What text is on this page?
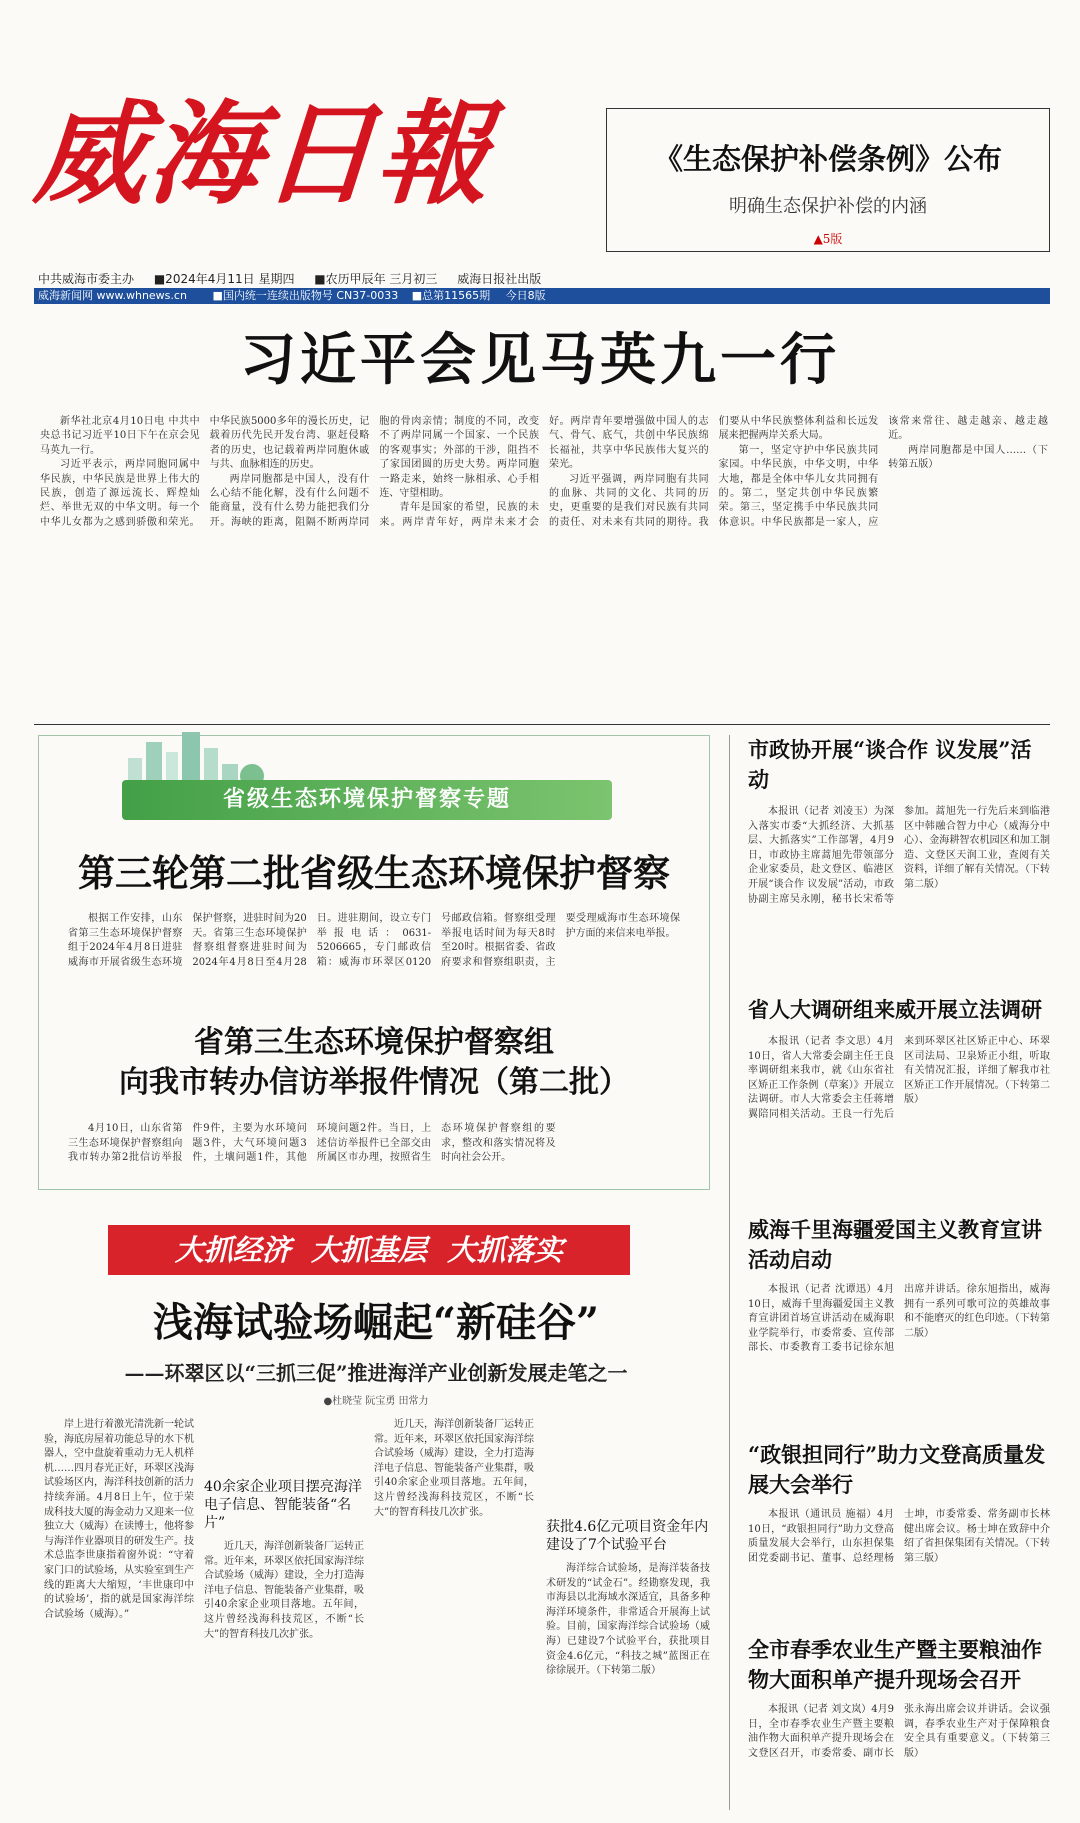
威海日報	《生态保护补偿条例》公布
明确生态保护补偿的内涵
▲5版
中共威海市委主办 ■2024年4月11日 星期四 ■农历甲辰年 三月初三 威海日报社出版
威海新闻网 www.whnews.cn ■国内统一连续出版物号 CN37-0033 ■总第11565期 今日8版
习近平会见马英九一行

新华社北京4月10日电 中共中央总书记习近平10日下午在京会见马英九一行。

习近平表示，两岸同胞同属中华民族，中华民族是世界上伟大的民族，创造了源远流长、辉煌灿烂、举世无双的中华文明。每一个中华儿女都为之感到骄傲和荣光。中华民族5000多年的漫长历史，记载着历代先民开发台湾、驱赶侵略者的历史，也记载着两岸同胞休戚与共、血脉相连的历史。

两岸同胞都是中国人，没有什么心结不能化解，没有什么问题不能商量，没有什么势力能把我们分开。海峡的距离，阻隔不断两岸同胞的骨肉亲情；制度的不同，改变不了两岸同属一个国家、一个民族的客观事实；外部的干涉，阻挡不了家国团圆的历史大势。两岸同胞一路走来，始终一脉相承、心手相连、守望相助。

青年是国家的希望，民族的未来。两岸青年好，两岸未来才会好。两岸青年要增强做中国人的志气、骨气、底气，共创中华民族绵长福祉，共享中华民族伟大复兴的荣光。

习近平强调，两岸同胞有共同的血脉、共同的文化、共同的历史，更重要的是我们对民族有共同的责任、对未来有共同的期待。我们要从中华民族整体利益和长远发展来把握两岸关系大局。

第一，坚定守护中华民族共同家园。中华民族，中华文明，中华大地，都是全体中华儿女共同拥有的。第二，坚定共创中华民族繁荣。第三，坚定携手中华民族共同体意识。中华民族都是一家人，应该常来常往、越走越亲、越走越近。

两岸同胞都是中国人……（下转第五版）

省级生态环境保护督察专题
第三轮第二批省级生态环境保护督察
根据工作安排，山东省第三生态环境保护督察组于2024年4月8日进驻威海市开展省级生态环境保护督察，进驻时间为20天。省第三生态环境保护督察组督察进驻时间为2024年4月8日至4月28日。进驻期间，设立专门举报电话：0631-5206665，专门邮政信箱：威海市环翠区0120号邮政信箱。督察组受理举报电话时间为每天8时至20时。根据省委、省政府要求和督察组职责，主要受理威海市生态环境保护方面的来信来电举报。
省第三生态环境保护督察组
向我市转办信访举报件情况（第二批）
4月10日，山东省第三生态环境保护督察组向我市转办第2批信访举报件9件，主要为水环境问题3件，大气环境问题3件，土壤问题1件，其他环境问题2件。当日，上述信访举报件已全部交由所属区市办理，按照省生态环境保护督察组的要求，整改和落实情况将及时向社会公开。
市政协开展“谈合作 议发展”活动
本报讯（记者 刘凌玉）为深入落实市委“大抓经济、大抓基层、大抓落实”工作部署，4月9日，市政协主席蒿旭先带领部分企业家委员，赴文登区、临港区开展“谈合作 议发展”活动，市政协副主席吴永刚，秘书长宋希等参加。蒿旭先一行先后来到临港区中韩融合智力中心（威海分中心）、金海耕智农机园区和加工制造、文登区天润工业，查阅有关资料，详细了解有关情况。（下转第二版）
省人大调研组来威开展立法调研
本报讯（记者 李文思）4月10日，省人大常委会副主任王良率调研组来我市，就《山东省社区矫正工作条例（草案）》开展立法调研。市人大常委会主任蒋增翼陪同相关活动。王良一行先后来到环翠区社区矫正中心、环翠区司法局、卫泉矫正小组，听取有关情况汇报，详细了解我市社区矫正工作开展情况。（下转第二版）
威海千里海疆爱国主义教育宣讲活动启动
本报讯（记者 沈谭迅）4月10日，威海千里海疆爱国主义教育宣讲团首场宣讲活动在威海职业学院举行，市委常委、宣传部部长、市委教育工委书记徐东旭出席并讲话。徐东旭指出，威海拥有一系列可歌可泣的英雄故事和不能磨灭的红色印迹。（下转第二版）
“政银担同行”助力文登高质量发展大会举行
本报讯（通讯员 施福）4月10日，“政银担同行”助力文登高质量发展大会举行，山东担保集团党委副书记、董事、总经理杨士坤，市委常委、常务副市长林健出席会议。杨士坤在致辞中介绍了省担保集团有关情况。（下转第三版）
全市春季农业生产暨主要粮油作物大面积单产提升现场会召开
本报讯（记者 刘文岚）4月9日，全市春季农业生产暨主要粮油作物大面积单产提升现场会在文登区召开，市委常委、副市长张永海出席会议并讲话。会议强调，春季农业生产对于保障粮食安全具有重要意义。（下转第三版）
大抓经济  大抓基层  大抓落实
浅海试验场崛起“新硅谷”
——环翠区以“三抓三促”推进海洋产业创新发展走笔之一
●杜晓莹 阮宝勇 田常力
岸上进行着激光清洗新一轮试验，海底房屋着功能总导的水下机器人，空中盘旋着重动力无人机样机……四月春光正好，环翠区浅海试验场区内，海洋科技创新的活力持续奔涌。4月8日上午，位于荣成科技大厦的海金动力又迎来一位独立大（威海）在读博士，他将参与海洋作业器项目的研发生产。技术总监李世康指着窗外说：“守着家门口的试验场，从实验室到生产线的距离大大缩短，‘丰世康印中的试验场’，指的就是国家海洋综合试验场（威海）。”
40余家企业项目摆亮海洋电子信息、智能装备“名片”
近几天，海洋创新装备厂运转正常。近年来，环翠区依托国家海洋综合试验场（威海）建设，全力打造海洋电子信息、智能装备产业集群，吸引40余家企业项目落地。五年间，这片曾经浅海科技荒区，不断“长大”的智育科技几次扩张。
近几天，海洋创新装备厂运转正常。近年来，环翠区依托国家海洋综合试验场（威海）建设，全力打造海洋电子信息、智能装备产业集群，吸引40余家企业项目落地。五年间，这片曾经浅海科技荒区，不断“长大”的智育科技几次扩张。
获批4.6亿元项目资金年内建设了7个试验平台
海洋综合试验场，是海洋装备技术研发的“试金石”。经勘察发现，我市海县以北海域水深适宜，具备多种海洋环境条件，非常适合开展海上试验。目前，国家海洋综合试验场（威海）已建设7个试验平台，获批项目资金4.6亿元，“科技之城”蓝图正在徐徐展开。（下转第二版）
